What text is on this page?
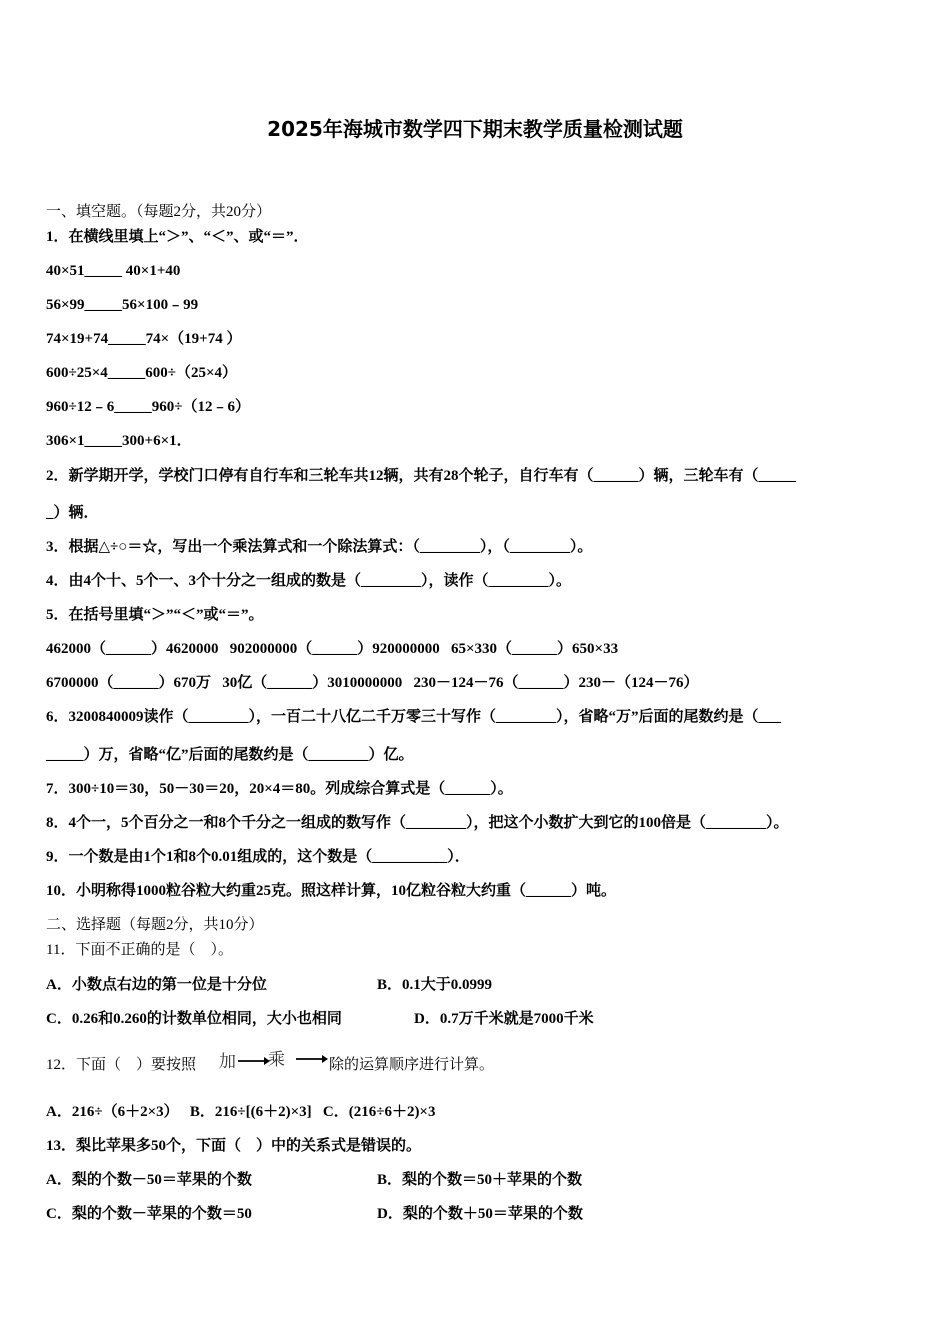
2025年海城市数学四下期末教学质量检测试题
一、填空题。（每题2分，共20分）
1．在横线里填上“＞”、“＜”、或“＝”．
40×51_____ 40×1+40
56×99_____56×100﹣99
74×19+74_____74×（19+74 ）
600÷25×4_____600÷（25×4）
960÷12﹣6_____960÷（12﹣6）
306×1_____300+6×1．
2．新学期开学，学校门口停有自行车和三轮车共12辆，共有28个轮子，自行车有（______）辆，三轮车有（_____
_）辆．
3．根据△÷○＝☆，写出一个乘法算式和一个除法算式：（________），（________）。
4．由4个十、5个一、3个十分之一组成的数是（________），读作（________）。
5．在括号里填“＞”“＜”或“＝”。
462000（______）4620000   902000000（______）920000000   65×330（______）650×33
6700000（______）670万   30亿（______）3010000000   230－124－76（______）230－（124－76）
6．3200840009读作（________），一百二十八亿二千万零三十写作（________），省略“万”后面的尾数约是（___
_____）万，省略“亿”后面的尾数约是（________）亿。
7．300÷10＝30，50－30＝20，20×4＝80。列成综合算式是（______）。
8．4个一，5个百分之一和8个千分之一组成的数写作（________），把这个小数扩大到它的100倍是（________）。
9．一个数是由1个1和8个0.01组成的，这个数是（__________）．
10．小明称得1000粒谷粒大约重25克。照这样计算，10亿粒谷粒大约重（______）吨。
二、选择题（每题2分，共10分）
11．下面不正确的是（　）。
A．小数点右边的第一位是十分位	B．0.1大于0.0999
C．0.26和0.260的计数单位相同，大小也相同	D．0.7万千米就是7000千米
12．下面（　）要按照 加 乘	除的运算顺序进行计算。
A．216÷（6＋2×3）   B．216÷[(6＋2)×3]   C．(216÷6＋2)×3
13．梨比苹果多50个，下面（　）中的关系式是错误的。
A．梨的个数－50＝苹果的个数	B．梨的个数＝50＋苹果的个数
C．梨的个数－苹果的个数＝50	D．梨的个数＋50＝苹果的个数
